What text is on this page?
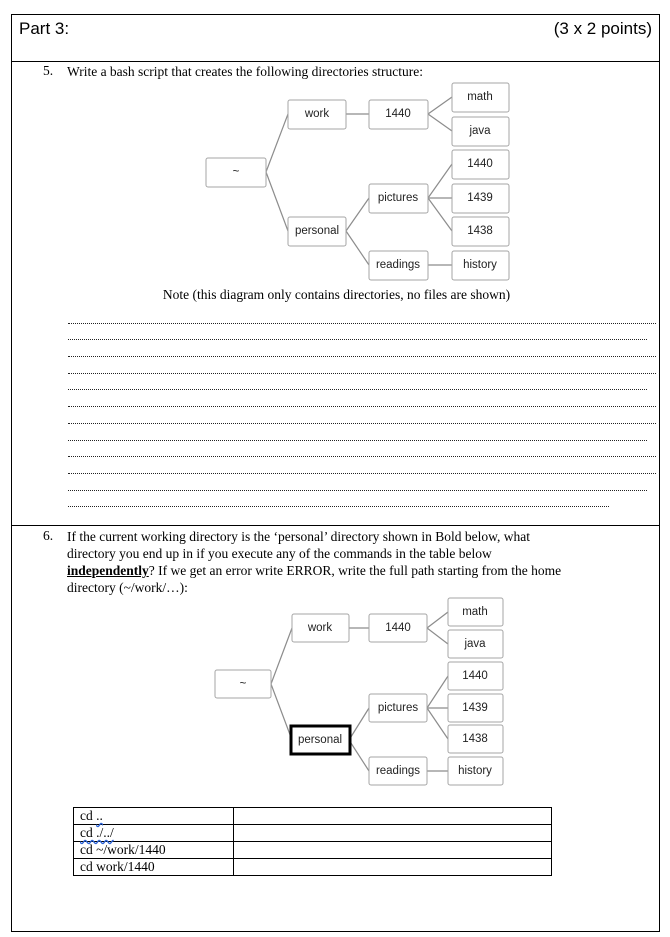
Part 3:	(3 x 2 points)
5. Write a bash script that creates the following directories structure:
~
work	1440
math
java
personal
pictures
1440
1439
1438
readings	history
~
work	1440
math
java
personal
pictures
1440
1439
1438
readings	history
Note (this diagram only contains directories, no files are shown)
6. If the current working directory is the ‘personal’ directory shown in Bold below, what
directory you end up in if you execute any of the commands in the table below
independently? If we get an error write ERROR, write the full path starting from the home
directory (~/work/…):
cd ..	
cd ./../	
cd ~/work/1440	
cd work/1440	
